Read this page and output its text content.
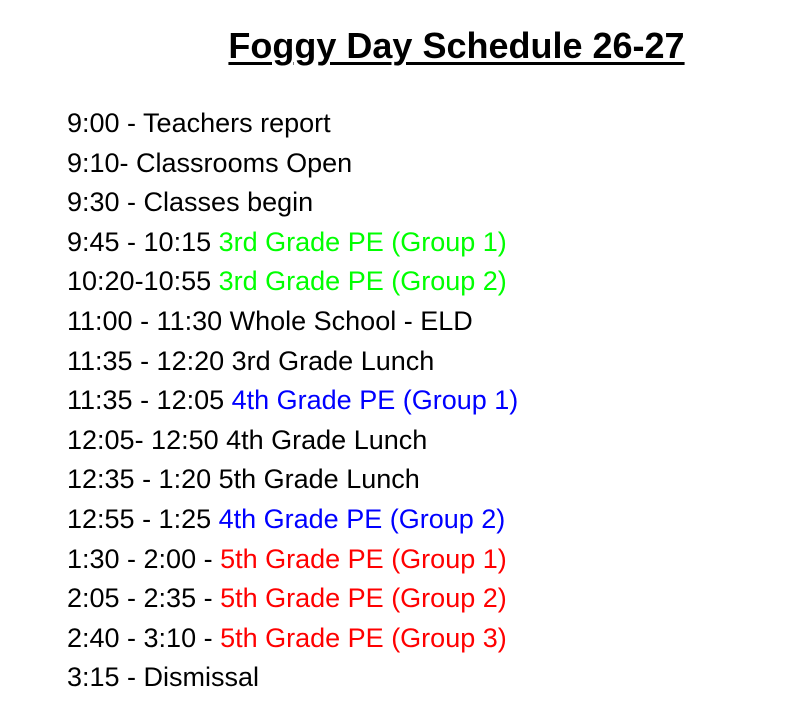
Foggy Day Schedule 26-27
9:00 - Teachers report
9:10- Classrooms Open
9:30 - Classes begin
9:45 - 10:15 3rd Grade PE (Group 1)
10:20-10:55 3rd Grade PE (Group 2)
11:00 - 11:30 Whole School - ELD
11:35 - 12:20 3rd Grade Lunch
11:35 - 12:05 4th Grade PE (Group 1)
12:05- 12:50 4th Grade Lunch
12:35 - 1:20 5th Grade Lunch
12:55 - 1:25 4th Grade PE (Group 2)
1:30 - 2:00 - 5th Grade PE (Group 1)
2:05 - 2:35 - 5th Grade PE (Group 2)
2:40 - 3:10 - 5th Grade PE (Group 3)
3:15 - Dismissal
